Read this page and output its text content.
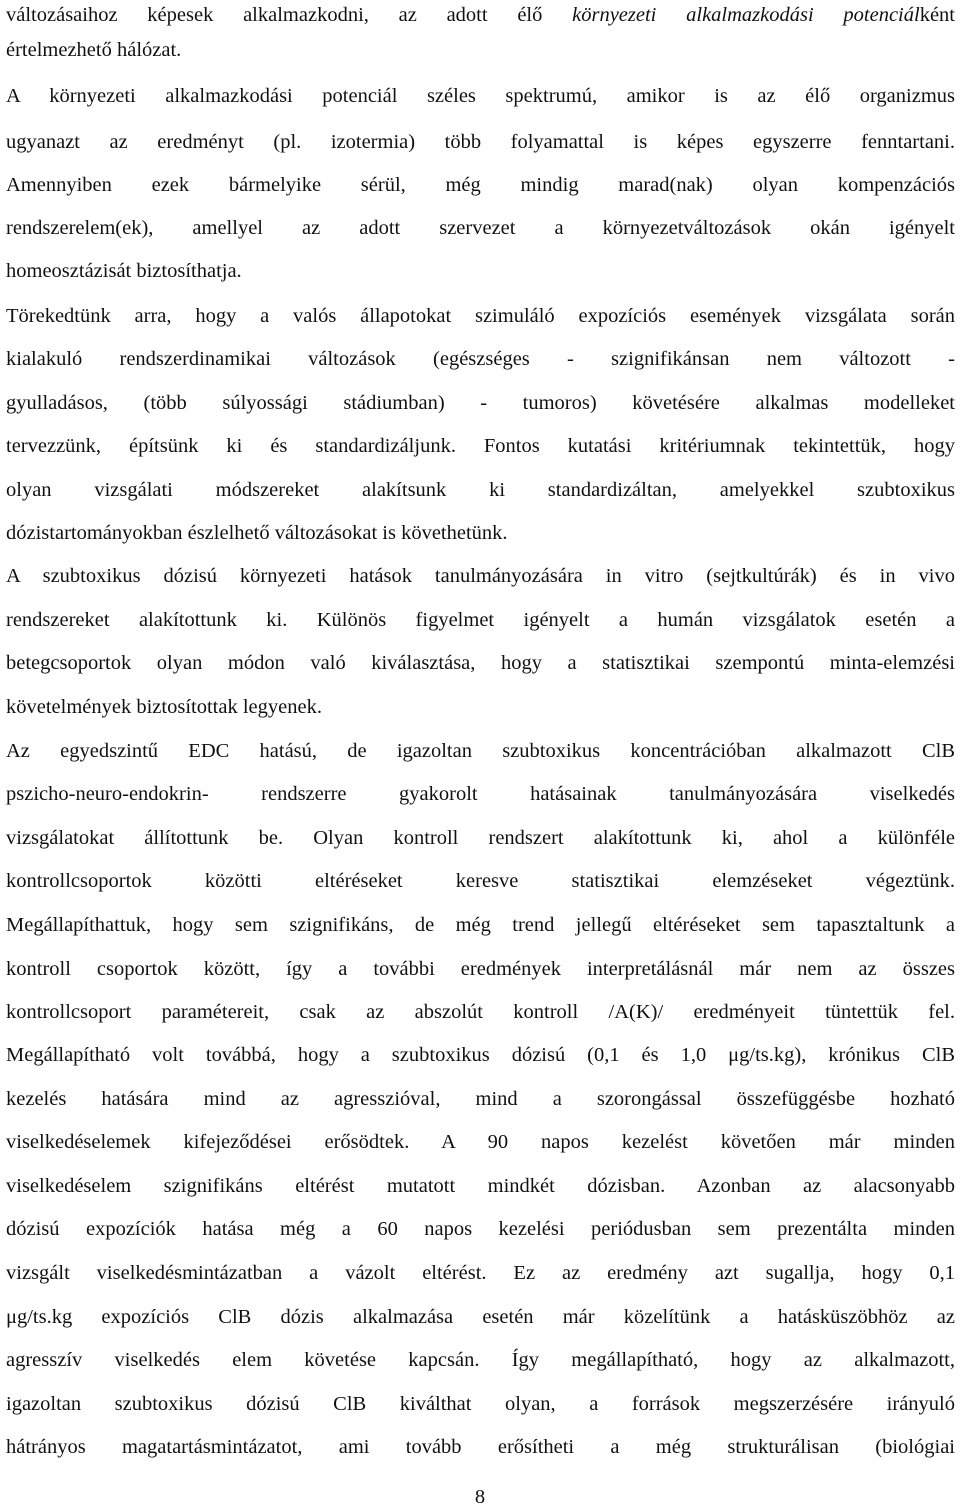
változásaihoz képesek alkalmazkodni, az adott élő környezeti alkalmazkodási potenciálként
értelmezhető hálózat.
A környezeti alkalmazkodási potenciál széles spektrumú, amikor is az élő organizmus
ugyanazt az eredményt (pl. izotermia) több folyamattal is képes egyszerre fenntartani.
Amennyiben ezek bármelyike sérül, még mindig marad(nak) olyan kompenzációs
rendszerelem(ek), amellyel az adott szervezet a környezetváltozások okán igényelt
homeosztázisát biztosíthatja.
Törekedtünk arra, hogy a valós állapotokat szimuláló expozíciós események vizsgálata során
kialakuló rendszerdinamikai változások (egészséges - szignifikánsan nem változott -
gyulladásos, (több súlyossági stádiumban) - tumoros) követésére alkalmas modelleket
tervezzünk, építsünk ki és standardizáljunk. Fontos kutatási kritériumnak tekintettük, hogy
olyan vizsgálati módszereket alakítsunk ki standardizáltan, amelyekkel szubtoxikus
dózistartományokban észlelhető változásokat is követhetünk.
A szubtoxikus dózisú környezeti hatások tanulmányozására in vitro (sejtkultúrák) és in vivo
rendszereket alakítottunk ki. Különös figyelmet igényelt a humán vizsgálatok esetén a
betegcsoportok olyan módon való kiválasztása, hogy a statisztikai szempontú minta-elemzési
követelmények biztosítottak legyenek.
Az egyedszintű EDC hatású, de igazoltan szubtoxikus koncentrációban alkalmazott ClB
pszicho-neuro-endokrin- rendszerre gyakorolt hatásainak tanulmányozására viselkedés
vizsgálatokat állítottunk be. Olyan kontroll rendszert alakítottunk ki, ahol a különféle
kontrollcsoportok közötti eltéréseket keresve statisztikai elemzéseket végeztünk.
Megállapíthattuk, hogy sem szignifikáns, de még trend jellegű eltéréseket sem tapasztaltunk a
kontroll csoportok között, így a további eredmények interpretálásnál már nem az összes
kontrollcsoport paramétereit, csak az abszolút kontroll /A(K)/ eredményeit tüntettük fel.
Megállapítható volt továbbá, hogy a szubtoxikus dózisú (0,1 és 1,0 μg/ts.kg), krónikus ClB
kezelés hatására mind az agresszióval, mind a szorongással összefüggésbe hozható
viselkedéselemek kifejeződései erősödtek. A 90 napos kezelést követően már minden
viselkedéselem szignifikáns eltérést mutatott mindkét dózisban. Azonban az alacsonyabb
dózisú expozíciók hatása még a 60 napos kezelési periódusban sem prezentálta minden
vizsgált viselkedésmintázatban a vázolt eltérést. Ez az eredmény azt sugallja, hogy 0,1
μg/ts.kg expozíciós ClB dózis alkalmazása esetén már közelítünk a hatásküszöbhöz az
agresszív viselkedés elem követése kapcsán. Így megállapítható, hogy az alkalmazott,
igazoltan szubtoxikus dózisú ClB kiválthat olyan, a források megszerzésére irányuló
hátrányos magatartásmintázatot, ami tovább erősítheti a még strukturálisan (biológiai
8
